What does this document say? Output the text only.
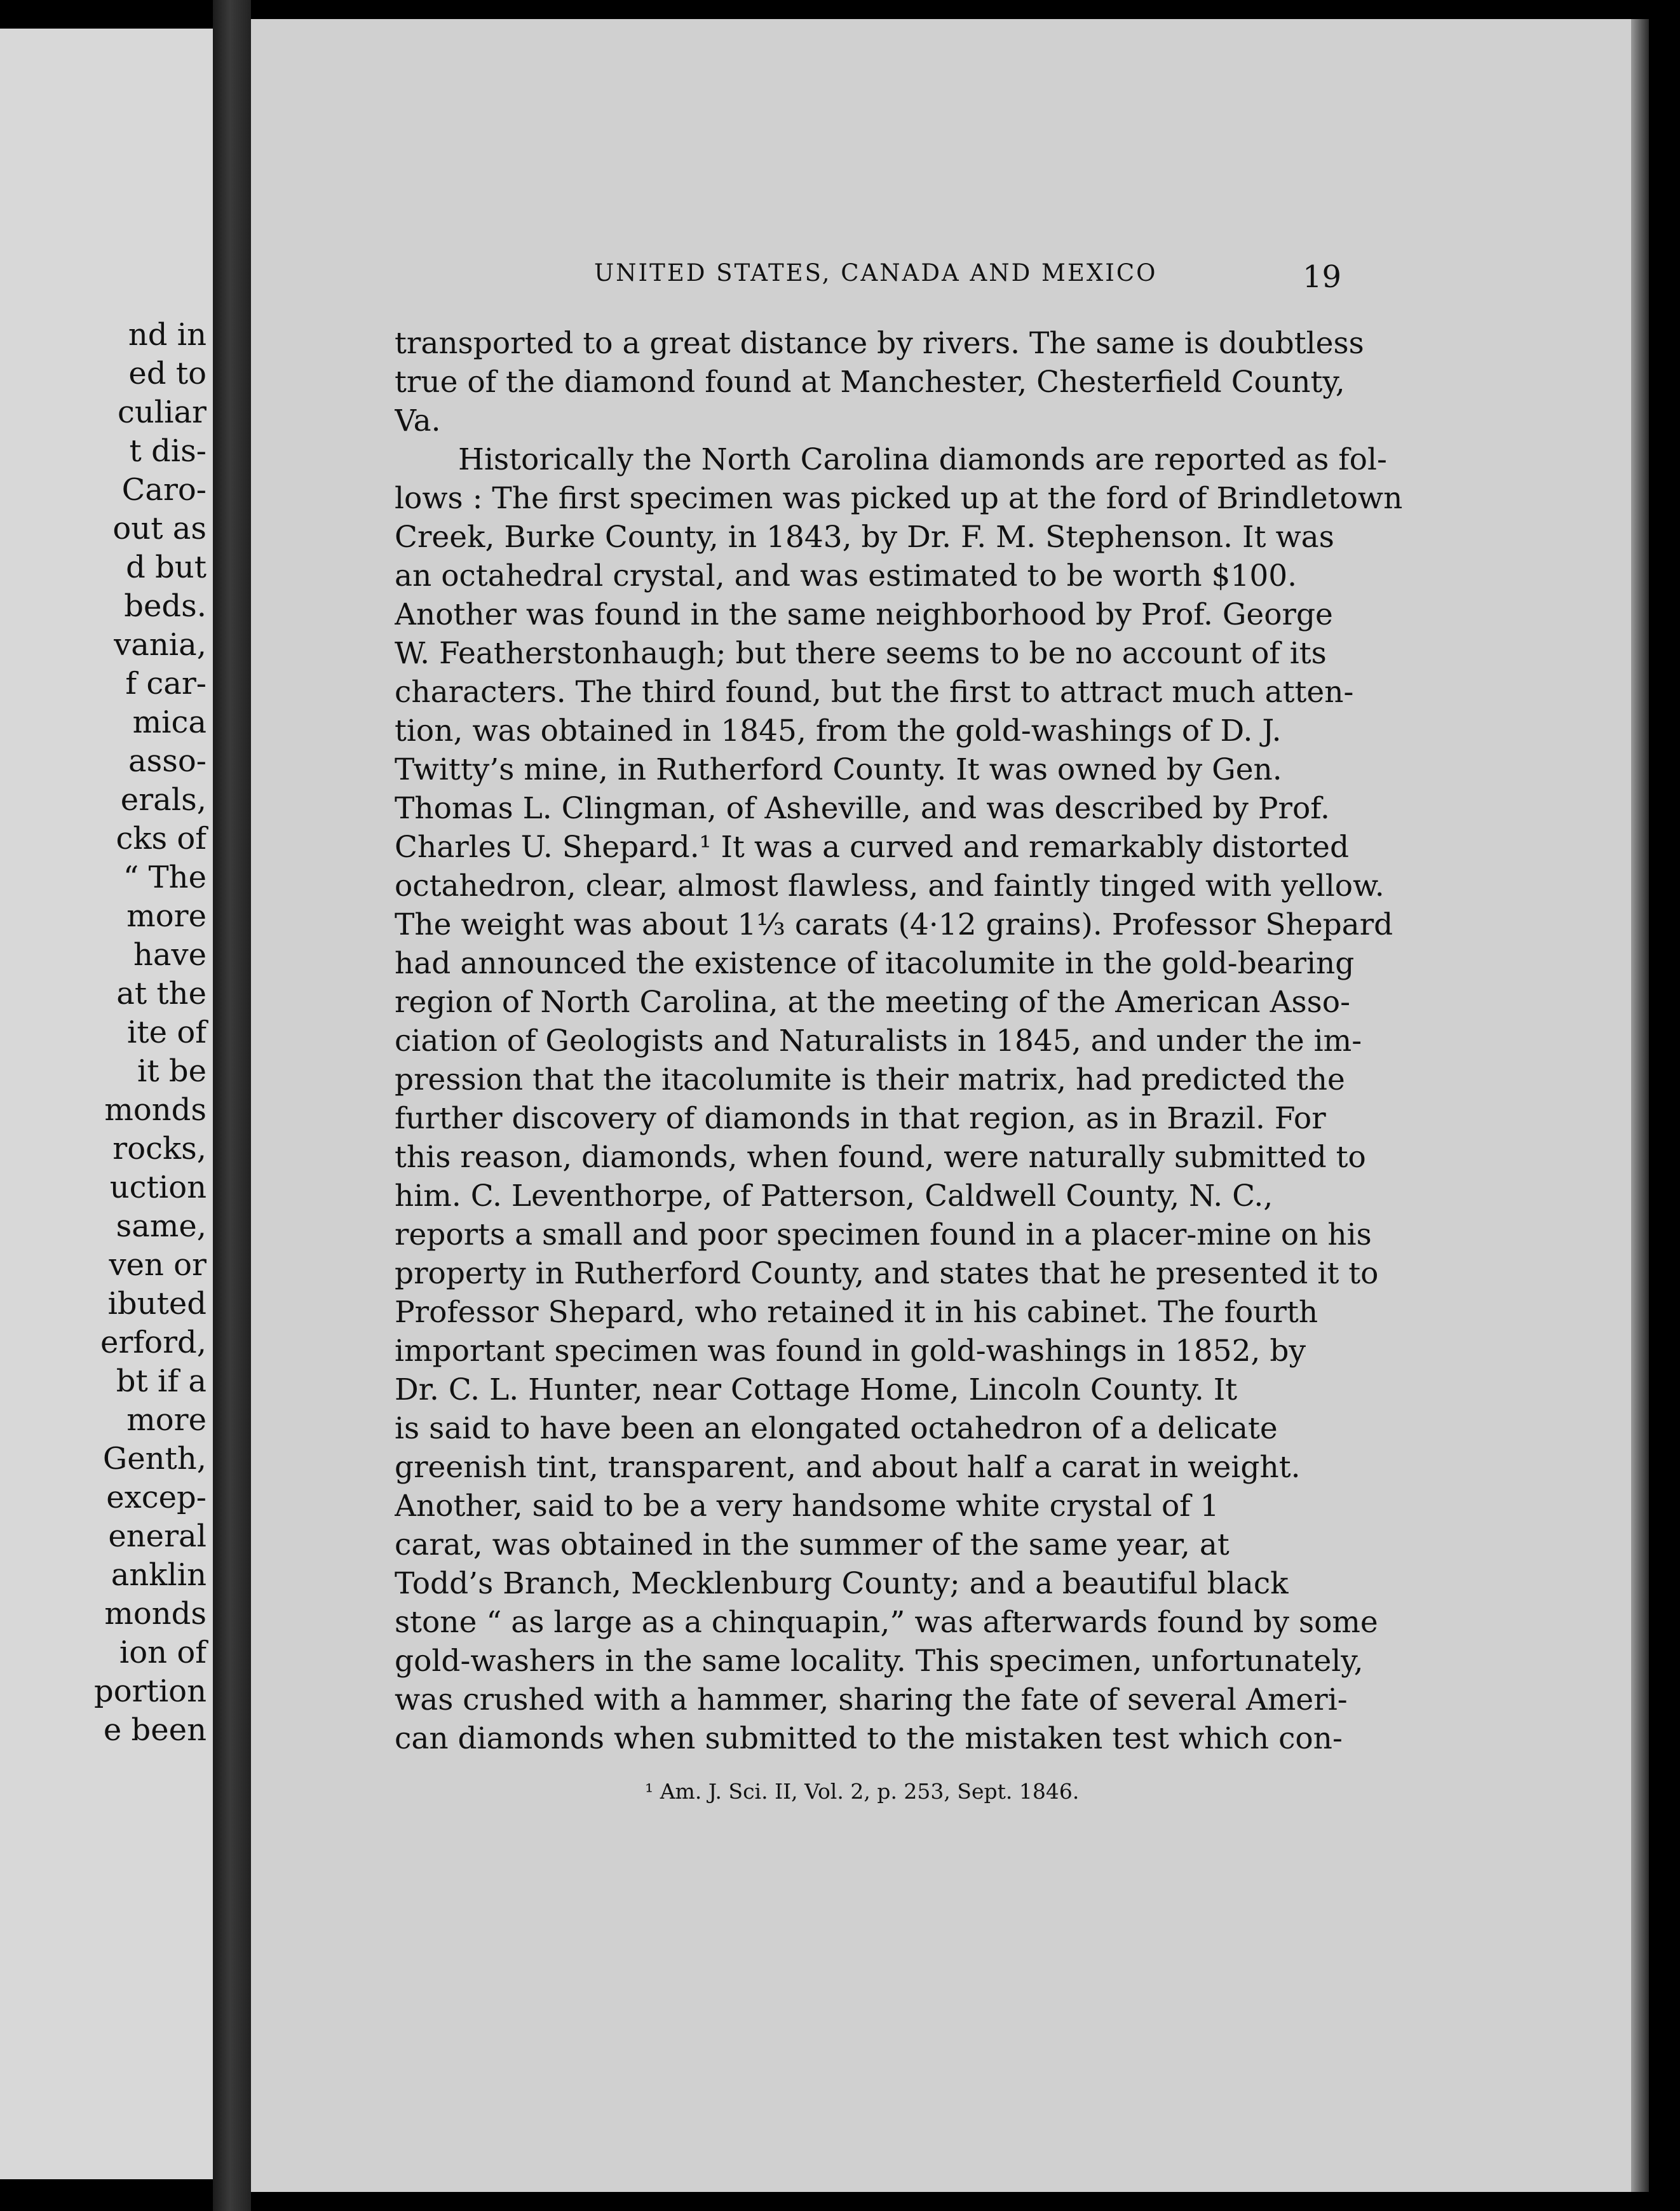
nd in
ed to
culiar
t dis-
Caro-
out as
d but
beds.
vania,
f car-
mica
asso-
erals,
cks of
“ The
more
have
at the
ite of
it be
monds
rocks,
uction
same,
ven or
ibuted
erford,
bt if a
more
Genth,
excep-
eneral
anklin
monds
ion of
portion
e been
UNITED STATES, CANADA AND MEXICO	19
transported to a great distance by rivers. The same is doubtless
true of the diamond found at Manchester, Chesterfield County,
Va.
Historically the North Carolina diamonds are reported as fol-
lows : The first specimen was picked up at the ford of Brindletown
Creek, Burke County, in 1843, by Dr. F. M. Stephenson. It was
an octahedral crystal, and was estimated to be worth $100.
Another was found in the same neighborhood by Prof. George
W. Featherstonhaugh; but there seems to be no account of its
characters. The third found, but the first to attract much atten-
tion, was obtained in 1845, from the gold-washings of D. J.
Twitty’s mine, in Rutherford County. It was owned by Gen.
Thomas L. Clingman, of Asheville, and was described by Prof.
Charles U. Shepard.¹ It was a curved and remarkably distorted
octahedron, clear, almost flawless, and faintly tinged with yellow.
The weight was about 1⅓ carats (4·12 grains). Professor Shepard
had announced the existence of itacolumite in the gold-bearing
region of North Carolina, at the meeting of the American Asso-
ciation of Geologists and Naturalists in 1845, and under the im-
pression that the itacolumite is their matrix, had predicted the
further discovery of diamonds in that region, as in Brazil. For
this reason, diamonds, when found, were naturally submitted to
him. C. Leventhorpe, of Patterson, Caldwell County, N. C.,
reports a small and poor specimen found in a placer-mine on his
property in Rutherford County, and states that he presented it to
Professor Shepard, who retained it in his cabinet. The fourth
important specimen was found in gold-washings in 1852, by
Dr. C. L. Hunter, near Cottage Home, Lincoln County. It
is said to have been an elongated octahedron of a delicate
greenish tint, transparent, and about half a carat in weight.
Another, said to be a very handsome white crystal of 1
carat, was obtained in the summer of the same year, at
Todd’s Branch, Mecklenburg County; and a beautiful black
stone “ as large as a chinquapin,” was afterwards found by some
gold-washers in the same locality. This specimen, unfortunately,
was crushed with a hammer, sharing the fate of several Ameri-
can diamonds when submitted to the mistaken test which con-
¹ Am. J. Sci. II, Vol. 2, p. 253, Sept. 1846.
